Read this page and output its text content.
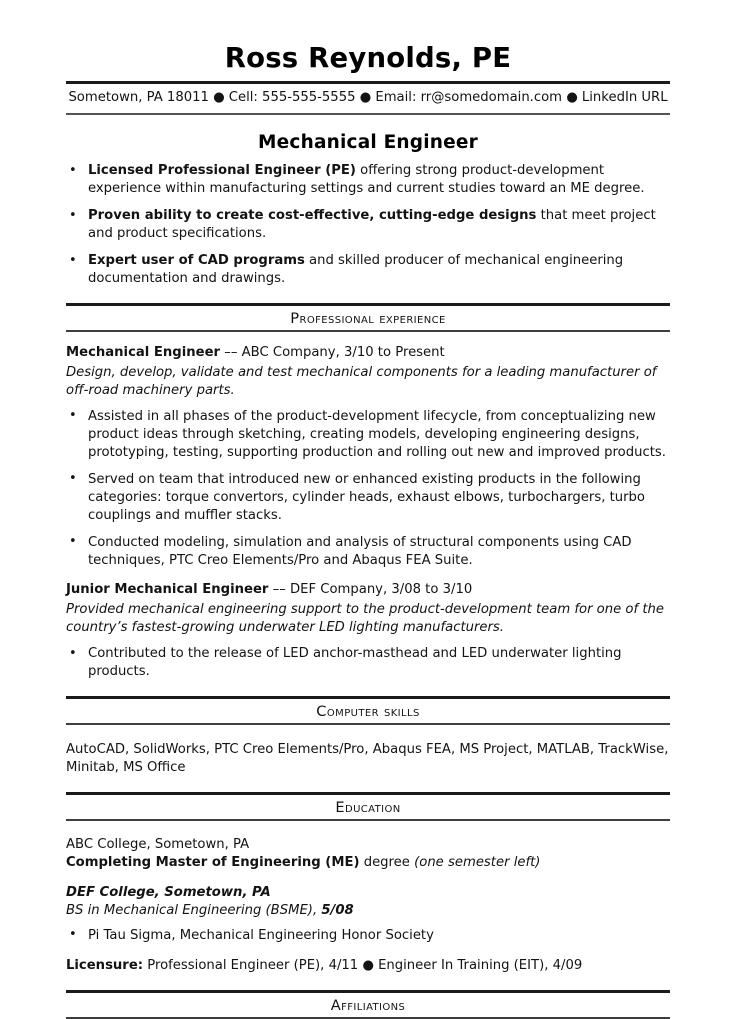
Ross Reynolds, PE
Sometown, PA 18011 ● Cell: 555-555-5555 ● Email: rr@somedomain.com ● LinkedIn URL
Mechanical Engineer
• Licensed Professional Engineer (PE) offering strong product-development experience within manufacturing settings and current studies toward an ME degree.
• Proven ability to create cost-effective, cutting-edge designs that meet project and product specifications.
• Expert user of CAD programs and skilled producer of mechanical engineering documentation and drawings.
Professional experience

Mechanical Engineer –– ABC Company, 3/10 to Present

Design, develop, validate and test mechanical components for a leading manufacturer of off-road machinery parts.

• Assisted in all phases of the product-development lifecycle, from conceptualizing new product ideas through sketching, creating models, developing engineering designs, prototyping, testing, supporting production and rolling out new and improved products.
• Served on team that introduced new or enhanced existing products in the following categories: torque convertors, cylinder heads, exhaust elbows, turbochargers, turbo couplings and muffler stacks.
• Conducted modeling, simulation and analysis of structural components using CAD techniques, PTC Creo Elements/Pro and Abaqus FEA Suite.

Junior Mechanical Engineer –– DEF Company, 3/08 to 3/10

Provided mechanical engineering support to the product-development team for one of the country’s fastest-growing underwater LED lighting manufacturers.

• Contributed to the release of LED anchor-masthead and LED underwater lighting products.
Computer skills

AutoCAD, SolidWorks, PTC Creo Elements/Pro, Abaqus FEA, MS Project, MATLAB, TrackWise, Minitab, MS Office

Education

ABC College, Sometown, PA

Completing Master of Engineering (ME) degree (one semester left)

DEF College, Sometown, PA

BS in Mechanical Engineering (BSME), 5/08

• Pi Tau Sigma, Mechanical Engineering Honor Society

Licensure: Professional Engineer (PE), 4/11 ● Engineer In Training (EIT), 4/09

Affiliations
